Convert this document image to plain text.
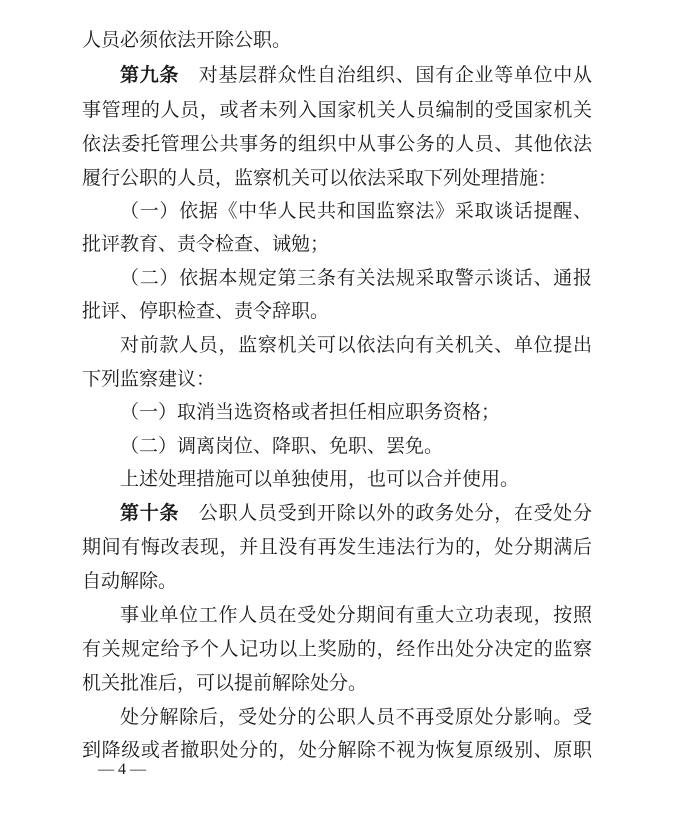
人员必须依法开除公职。
第九条　 对基层群众性自治组织、国有企业等单位中从
事管理的人员，或者未列入国家机关人员编制的受国家机关
依法委托管理公共事务的组织中从事公务的人员、其他依法
履行公职的人员，监察机关可以依法采取下列处理措施：
（一）依据《中华人民共和国监察法》采取谈话提醒、
批评教育、责令检查、诫勉；
（二）依据本规定第三条有关法规采取警示谈话、通报
批评、停职检查、责令辞职。
对前款人员，监察机关可以依法向有关机关、单位提出
下列监察建议：
（一）取消当选资格或者担任相应职务资格；
（二）调离岗位、降职、免职、罢免。
上述处理措施可以单独使用，也可以合并使用。
第十条　 公职人员受到开除以外的政务处分，在受处分
期间有悔改表现，并且没有再发生违法行为的，处分期满后
自动解除。
事业单位工作人员在受处分期间有重大立功表现，按照
有关规定给予个人记功以上奖励的，经作出处分决定的监察
机关批准后，可以提前解除处分。
处分解除后，受处分的公职人员不再受原处分影响。受
到降级或者撤职处分的，处分解除不视为恢复原级别、原职
— 4 —
